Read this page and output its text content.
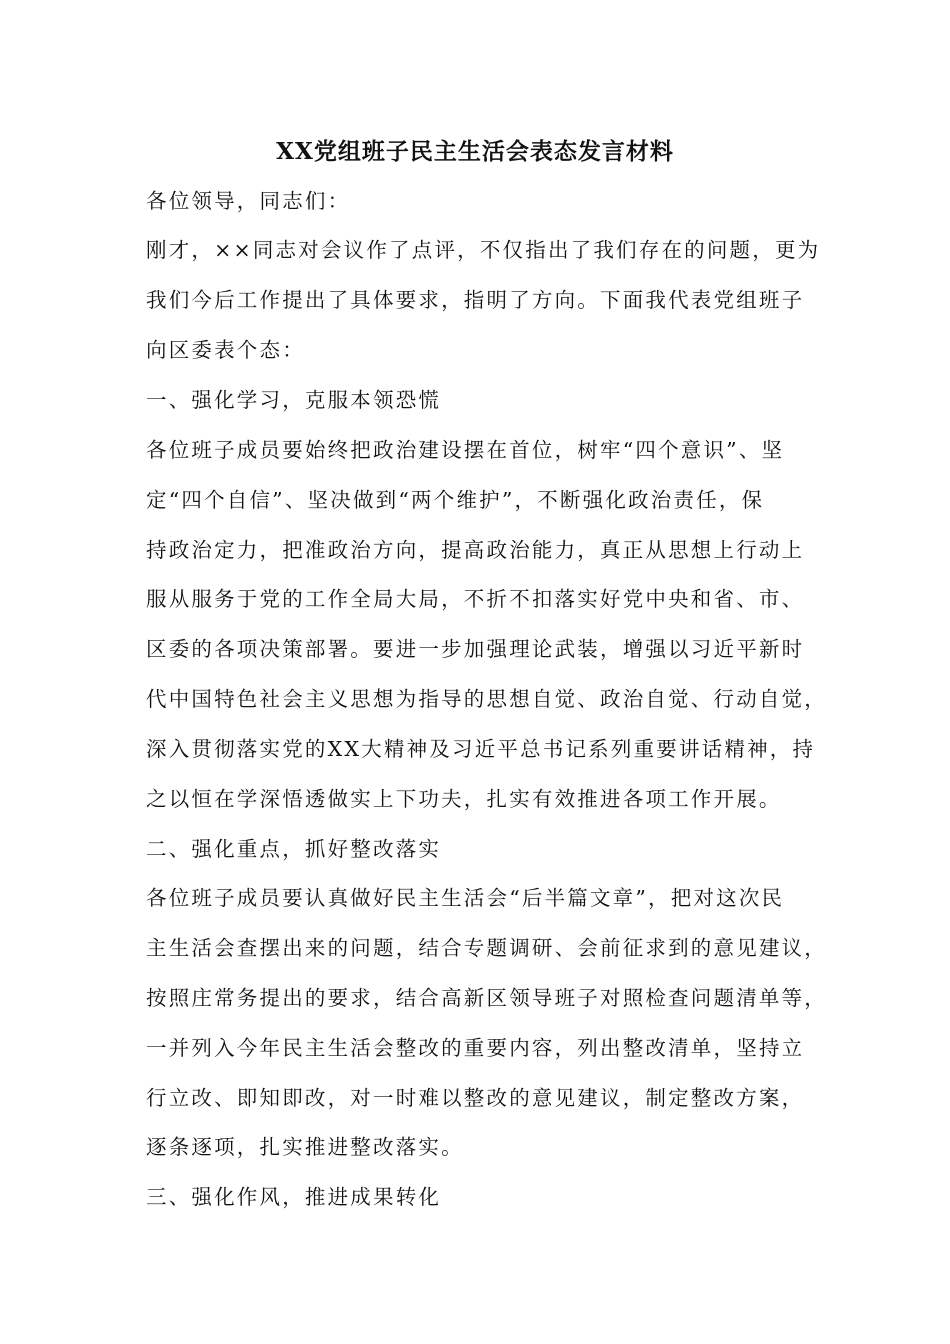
XX党组班子民主生活会表态发言材料
各位领导，同志们：
刚才，××同志对会议作了点评，不仅指出了我们存在的问题，更为
我们今后工作提出了具体要求，指明了方向。下面我代表党组班子
向区委表个态：
一、强化学习，克服本领恐慌
各位班子成员要始终把政治建设摆在首位，树牢“四个意识”、坚
定“四个自信”、坚决做到“两个维护”，不断强化政治责任，保
持政治定力，把准政治方向，提高政治能力，真正从思想上行动上
服从服务于党的工作全局大局，不折不扣落实好党中央和省、市、
区委的各项决策部署。要进一步加强理论武装，增强以习近平新时
代中国特色社会主义思想为指导的思想自觉、政治自觉、行动自觉，
深入贯彻落实党的XX大精神及习近平总书记系列重要讲话精神，持
之以恒在学深悟透做实上下功夫，扎实有效推进各项工作开展。
二、强化重点，抓好整改落实
各位班子成员要认真做好民主生活会“后半篇文章”，把对这次民
主生活会查摆出来的问题，结合专题调研、会前征求到的意见建议，
按照庄常务提出的要求，结合高新区领导班子对照检查问题清单等，
一并列入今年民主生活会整改的重要内容，列出整改清单，坚持立
行立改、即知即改，对一时难以整改的意见建议，制定整改方案，
逐条逐项，扎实推进整改落实。
三、强化作风，推进成果转化
